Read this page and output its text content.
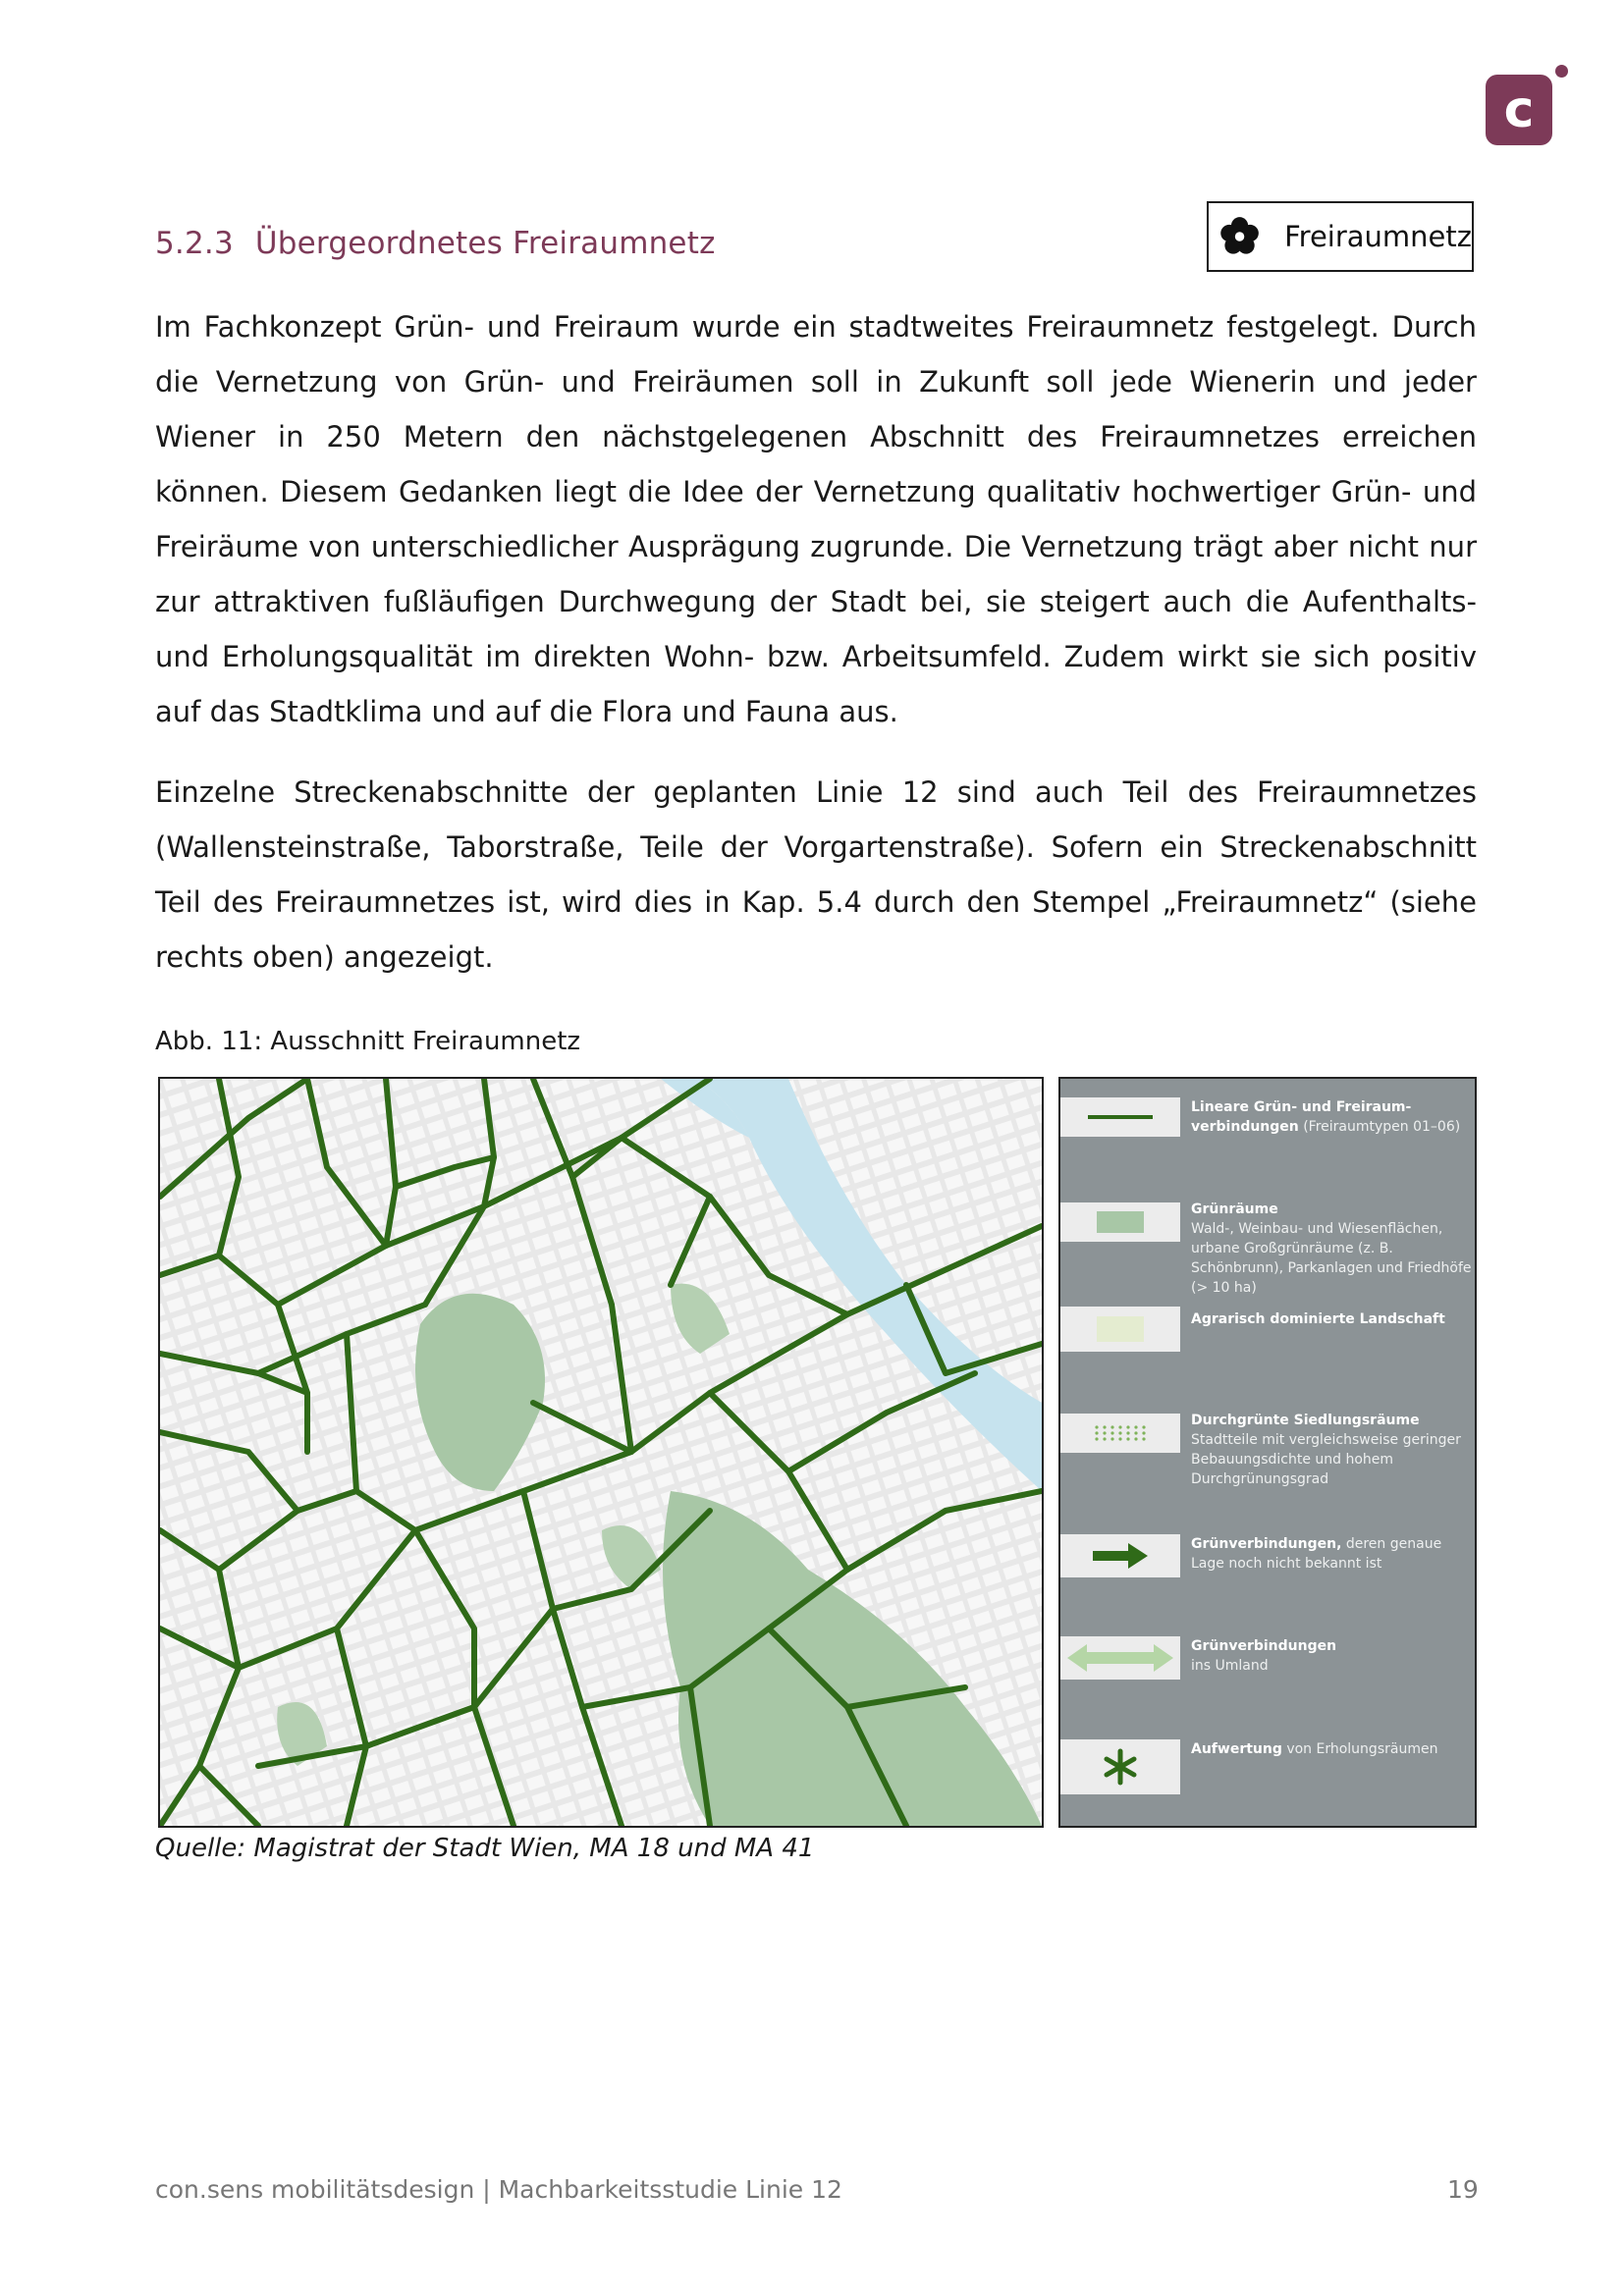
c
5.2.3 Übergeordnetes Freiraumnetz	Freiraumnetz

Im Fachkonzept Grün- und Freiraum wurde ein stadtweites Freiraumnetz festgelegt. Durch die Vernetzung von Grün- und Freiräumen soll in Zukunft soll jede Wienerin und jeder Wiener in 250 Metern den nächstgelegenen Abschnitt des Freiraumnetzes erreichen können. Diesem Gedanken liegt die Idee der Vernetzung qualitativ hochwertiger Grün- und Freiräume von unterschiedlicher Ausprägung zugrunde. Die Vernetzung trägt aber nicht nur zur attraktiven fußläufigen Durchwegung der Stadt bei, sie steigert auch die Aufenthalts- und Erholungsqualität im direkten Wohn- bzw. Arbeitsumfeld. Zudem wirkt sie sich positiv auf das Stadtklima und auf die Flora und Fauna aus.

Einzelne Streckenabschnitte der geplanten Linie 12 sind auch Teil des Freiraumnetzes (Wallensteinstraße, Taborstraße, Teile der Vorgartenstraße). Sofern ein Streckenabschnitt Teil des Freiraumnetzes ist, wird dies in Kap. 5.4 durch den Stempel „Freiraumnetz“ (siehe rechts oben) angezeigt.

Abb. 11: Ausschnitt Freiraumnetz
Lineare Grün- und Freiraum-verbindungen (Freiraumtypen 01–06)
Grünräume
Wald-, Weinbau- und Wiesenflächen, urbane Großgrünräume (z. B. Schönbrunn), Parkanlagen und Friedhöfe (> 10 ha)
Agrarisch dominierte Landschaft
Durchgrünte Siedlungsräume
Stadtteile mit vergleichsweise geringer Bebauungsdichte und hohem Durchgrünungsgrad
Grünverbindungen, deren genaue Lage noch nicht bekannt ist
Grünverbindungen
ins Umland
Aufwertung von Erholungsräumen
Quelle: Magistrat der Stadt Wien, MA 18 und MA 41
con.sens mobilitätsdesign | Machbarkeitsstudie Linie 12	19
